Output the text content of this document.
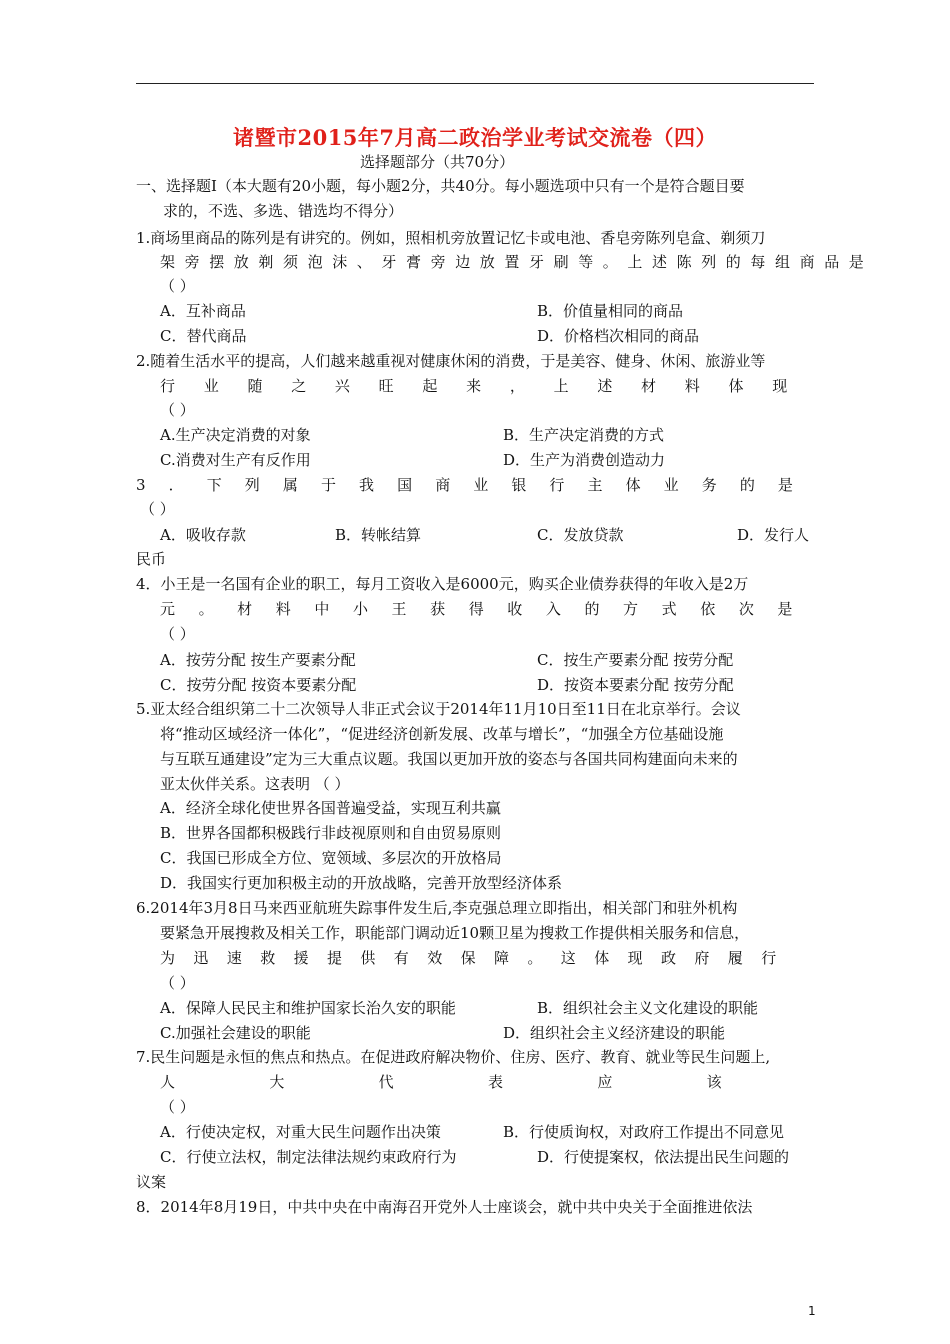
诸暨市2015年7月高二政治学业考试交流卷（四）
选择题部分（共70分）
一、选择题Ⅰ（本大题有20小题，每小题2分，共40分。每小题选项中只有一个是符合题目要
求的，不选、多选、错选均不得分）
1.商场里商品的陈列是有讲究的。例如，照相机旁放置记忆卡或电池、香皂旁陈列皂盒、剃须刀
架旁摆放剃须泡沫、牙膏旁边放置牙刷等。上述陈列的每组商品是
（ ）
A．互补商品	B．价值量相同的商品
C．替代商品	D．价格档次相同的商品
2.随着生活水平的提高，人们越来越重视对健康休闲的消费，于是美容、健身、休闲、旅游业等
行业随之兴旺起来，上述材料体现
（ ）
A.生产决定消费的对象	B．生产决定消费的方式
C.消费对生产有反作用	D．生产为消费创造动力
3．下列属于我国商业银行主体业务的是
（ ）
A．吸收存款	B．转帐结算	C．发放贷款	D．发行人
民币
4．小王是一名国有企业的职工，每月工资收入是6000元，购买企业债券获得的年收入是2万
元。材料中小王获得收入的方式依次是
（ ）
A．按劳分配 按生产要素分配	C．按生产要素分配 按劳分配
C．按劳分配 按资本要素分配	D．按资本要素分配 按劳分配
5.亚太经合组织第二十二次领导人非正式会议于2014年11月10日至11日在北京举行。会议
将“推动区域经济一体化”，“促进经济创新发展、改革与增长”，“加强全方位基础设施
与互联互通建设”定为三大重点议题。我国以更加开放的姿态与各国共同构建面向未来的
亚太伙伴关系。这表明 （ ）
A．经济全球化使世界各国普遍受益，实现互利共赢
B．世界各国都积极践行非歧视原则和自由贸易原则
C．我国已形成全方位、宽领域、多层次的开放格局
D．我国实行更加积极主动的开放战略，完善开放型经济体系
6.2014年3月8日马来西亚航班失踪事件发生后,李克强总理立即指出，相关部门和驻外机构
要紧急开展搜救及相关工作，职能部门调动近10颗卫星为搜救工作提供相关服务和信息，
为迅速救援提供有效保障。这体现政府履行
（ ）
A．保障人民民主和维护国家长治久安的职能	B．组织社会主义文化建设的职能
C.加强社会建设的职能	D．组织社会主义经济建设的职能
7.民生问题是永恒的焦点和热点。在促进政府解决物价、住房、医疗、教育、就业等民生问题上,
人大代表应该
（ ）
A．行使决定权，对重大民生问题作出决策	B．行使质询权，对政府工作提出不同意见
C．行使立法权，制定法律法规约束政府行为	D．行使提案权，依法提出民生问题的
议案
8．2014年8月19日，中共中央在中南海召开党外人士座谈会，就中共中央关于全面推进依法
1
